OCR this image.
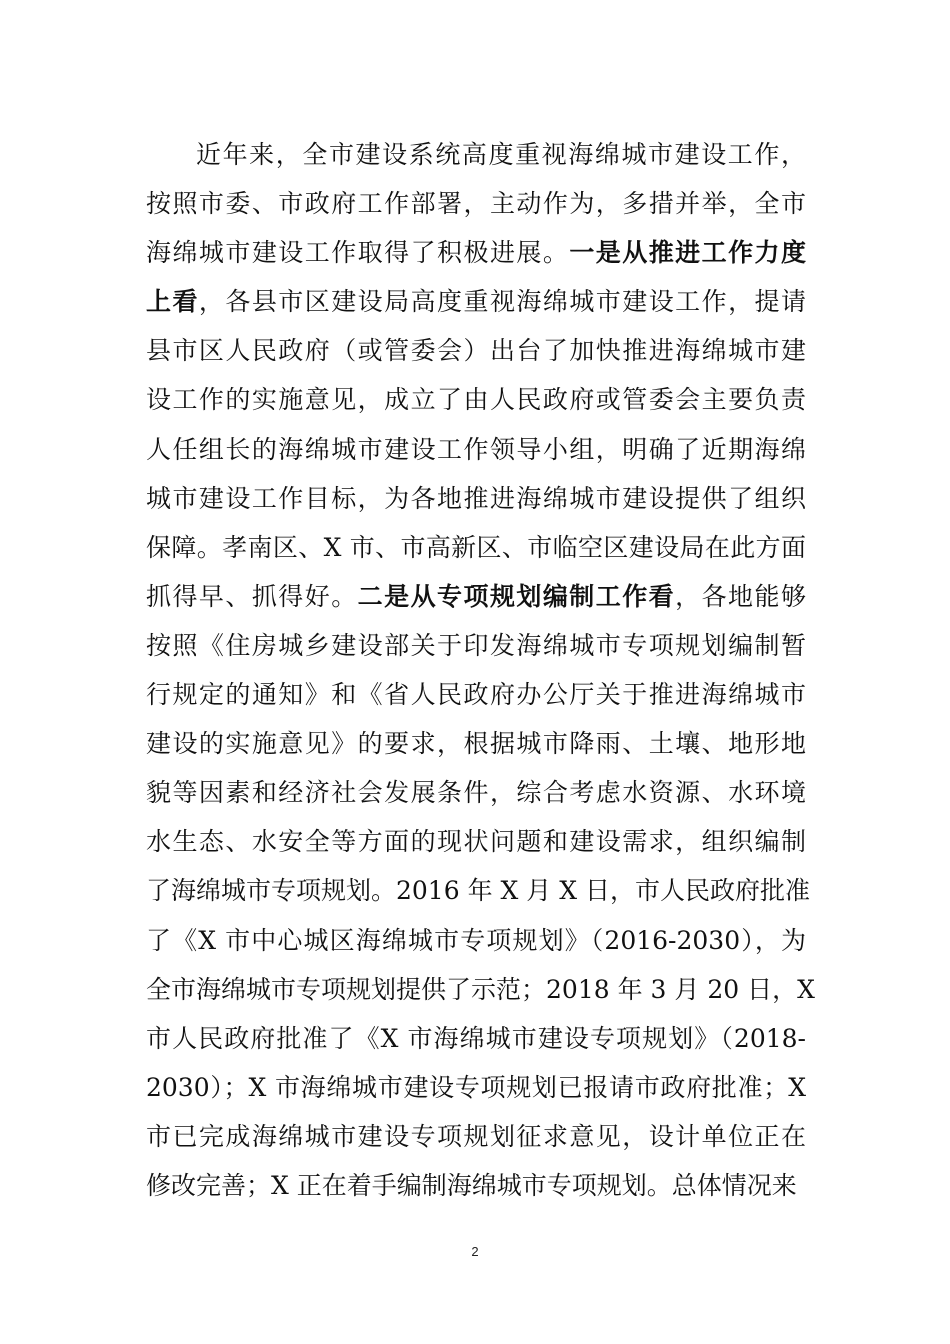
近年来，全市建设系统高度重视海绵城市建设工作，
按照市委、市政府工作部署，主动作为，多措并举，全市
海绵城市建设工作取得了积极进展。一是从推进工作力度
上看，各县市区建设局高度重视海绵城市建设工作，提请
县市区人民政府（或管委会）出台了加快推进海绵城市建
设工作的实施意见，成立了由人民政府或管委会主要负责
人任组长的海绵城市建设工作领导小组，明确了近期海绵
城市建设工作目标，为各地推进海绵城市建设提供了组织
保障。孝南区、X 市、市高新区、市临空区建设局在此方面
抓得早、抓得好。二是从专项规划编制工作看，各地能够
按照《住房城乡建设部关于印发海绵城市专项规划编制暂
行规定的通知》和《省人民政府办公厅关于推进海绵城市
建设的实施意见》的要求，根据城市降雨、土壤、地形地
貌等因素和经济社会发展条件，综合考虑水资源、水环境
水生态、水安全等方面的现状问题和建设需求，组织编制
了海绵城市专项规划。2016 年 X 月 X 日，市人民政府批准
了《X 市中心城区海绵城市专项规划》（2016-2030），为
全市海绵城市专项规划提供了示范；2018 年 3 月 20 日，X
市人民政府批准了《X 市海绵城市建设专项规划》（2018-
2030）；X 市海绵城市建设专项规划已报请市政府批准；X
市已完成海绵城市建设专项规划征求意见，设计单位正在
修改完善；X 正在着手编制海绵城市专项规划。总体情况来
2
